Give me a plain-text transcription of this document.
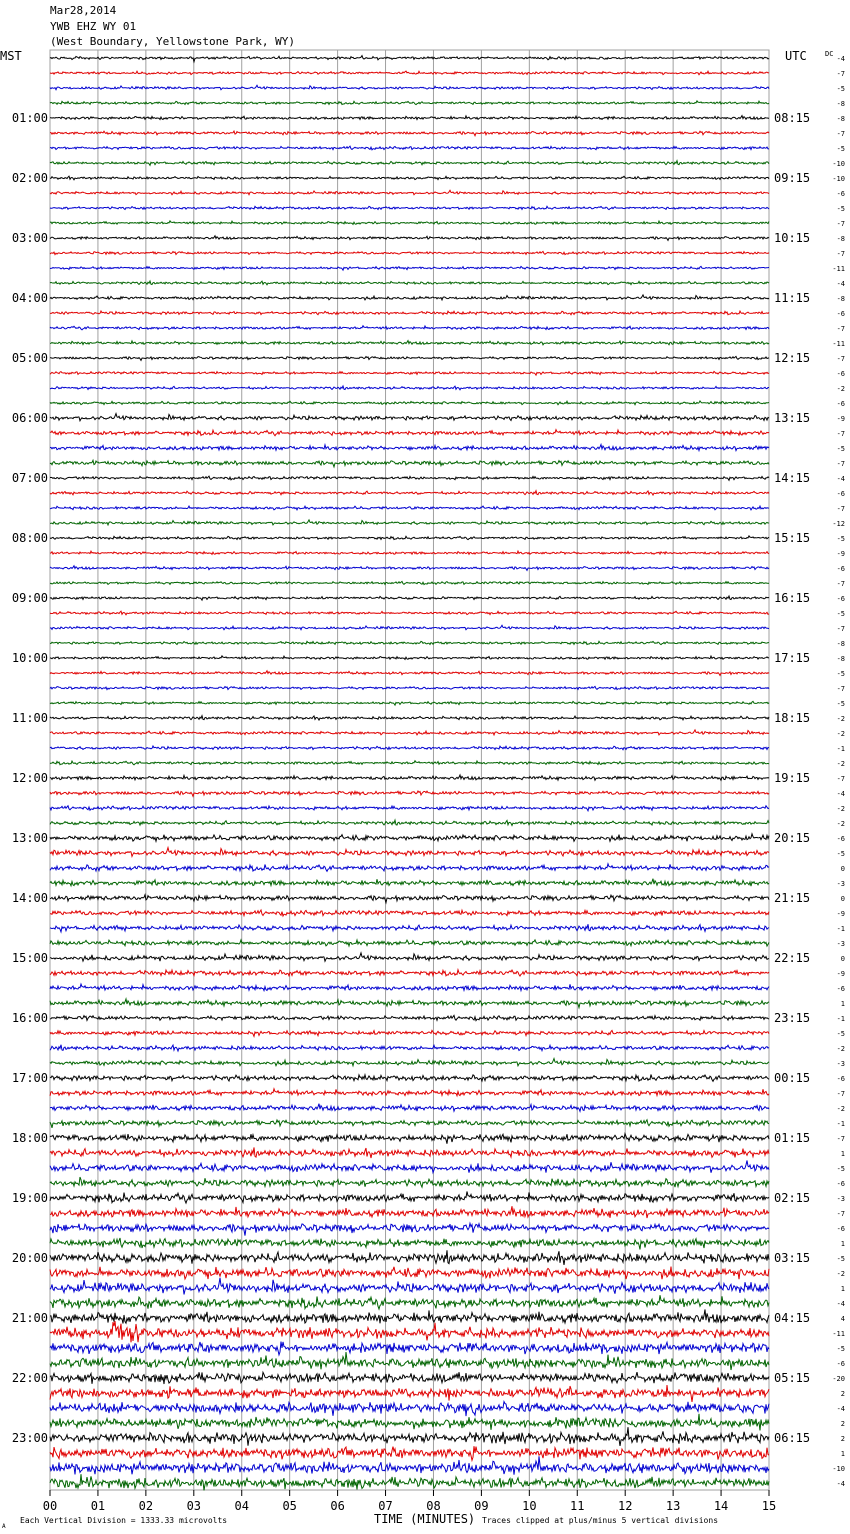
Mar28,2014
YWB EHZ WY 01
(West Boundary, Yellowstone Park, WY)
00	01	02	03	04	05	06	07	08	09	10	11	12	13	14	15
-4
-7
-5
-8
-8
01:00	08:15
-7
-5
-10
-10
02:00	09:15
-6
-5
-7
-8
03:00	10:15
-7
-11
-4
-8
04:00	11:15
-6
-7
-11
-7
05:00	12:15
-6
-2
-6
-9
06:00	13:15
-7
-5
-7
-4
07:00	14:15
-6
-7
-12
-5
08:00	15:15
-9
-6
-7
-6
09:00	16:15
-5
-7
-8
-8
10:00	17:15
-5
-7
-5
-2
11:00	18:15
-2
-1
-2
-7
12:00	19:15
-4
-2
-2
-6
13:00	20:15
-5
0
-3
0
14:00	21:15
-9
-1
-3
0
15:00	22:15
-9
-6
1
-1
16:00	23:15
-5
-2
-3
-6
17:00	00:15
-7
-2
-1
-7
18:00	01:15
1
-5
-6
-3
19:00	02:15
-7
-6
1
-5
20:00	03:15
-2
1
-4
4
21:00	04:15
-11
-5
-6
-20
22:00	05:15
2
-4
2
2
23:00	06:15
1
-10
-4
MST	UTC	DC
Each Vertical Division = 1333.33 microvolts	TIME (MINUTES) Traces clipped at plus/minus 5 vertical divisions
A
